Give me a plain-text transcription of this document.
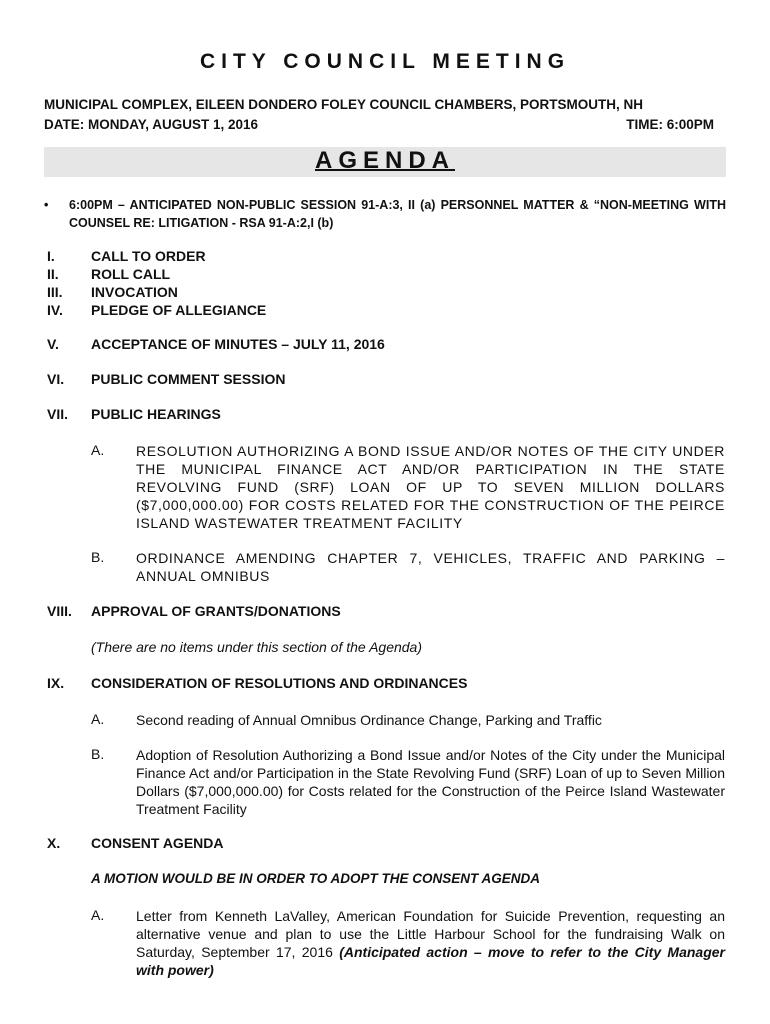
CITY COUNCIL MEETING
MUNICIPAL COMPLEX, EILEEN DONDERO FOLEY COUNCIL CHAMBERS, PORTSMOUTH, NH
DATE: MONDAY, AUGUST 1, 2016	TIME: 6:00PM
AGENDA
• 6:00PM – ANTICIPATED NON-PUBLIC SESSION 91-A:3, II (a) PERSONNEL MATTER & “NON-MEETING WITH COUNSEL RE: LITIGATION - RSA 91-A:2,I (b)
I.	CALL TO ORDER
II. ROLL CALL
III. INVOCATION
IV. PLEDGE OF ALLEGIANCE
V. ACCEPTANCE OF MINUTES – JULY 11, 2016
VI. PUBLIC COMMENT SESSION
VII. PUBLIC HEARINGS
A. RESOLUTION AUTHORIZING A BOND ISSUE AND/OR NOTES OF THE CITY UNDER THE MUNICIPAL FINANCE ACT AND/OR PARTICIPATION IN THE STATE REVOLVING FUND (SRF) LOAN OF UP TO SEVEN MILLION DOLLARS ($7,000,000.00) FOR COSTS RELATED FOR THE CONSTRUCTION OF THE PEIRCE ISLAND WASTEWATER TREATMENT FACILITY
B. ORDINANCE AMENDING CHAPTER 7, VEHICLES, TRAFFIC AND PARKING – ANNUAL OMNIBUS
VIII. APPROVAL OF GRANTS/DONATIONS
(There are no items under this section of the Agenda)
IX. CONSIDERATION OF RESOLUTIONS AND ORDINANCES
A. Second reading of Annual Omnibus Ordinance Change, Parking and Traffic
B. Adoption of Resolution Authorizing a Bond Issue and/or Notes of the City under the Municipal Finance Act and/or Participation in the State Revolving Fund (SRF) Loan of up to Seven Million Dollars ($7,000,000.00) for Costs related for the Construction of the Peirce Island Wastewater Treatment Facility
X. CONSENT AGENDA
A MOTION WOULD BE IN ORDER TO ADOPT THE CONSENT AGENDA
A. Letter from Kenneth LaValley, American Foundation for Suicide Prevention, requesting an alternative venue and plan to use the Little Harbour School for the fundraising Walk on Saturday, September 17, 2016 (Anticipated action – move to refer to the City Manager with power)
